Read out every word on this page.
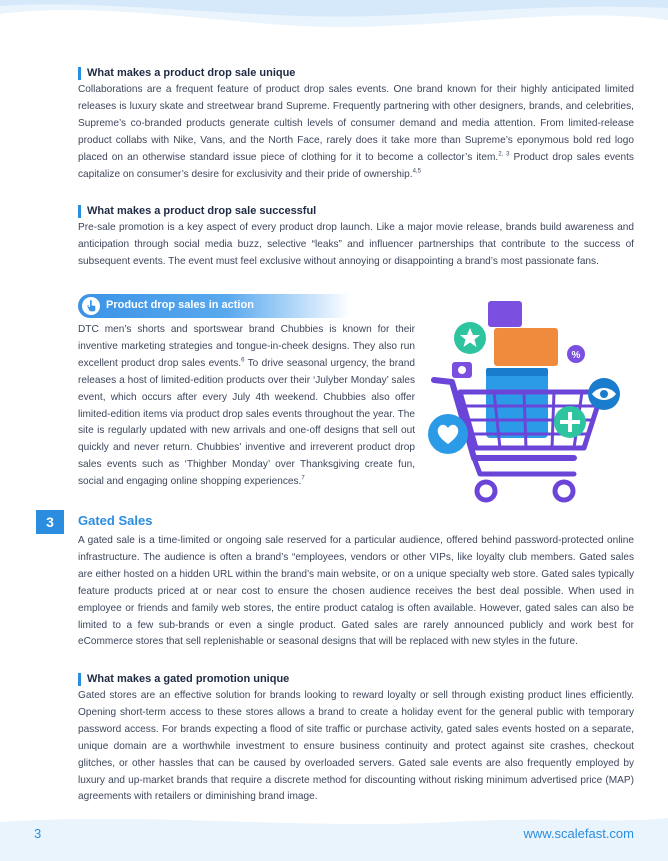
What makes a product drop sale unique

Collaborations are a frequent feature of product drop sales events. One brand known for their highly anticipated limited releases is luxury skate and streetwear brand Supreme. Frequently partnering with other designers, brands, and celebrities, Supreme’s co-branded products generate cultish levels of consumer demand and media attention. From limited-release product collabs with Nike, Vans, and the North Face, rarely does it take more than Supreme’s eponymous bold red logo placed on an otherwise standard issue piece of clothing for it to become a collector’s item.$^{2, 3}$ Product drop sales events capitalize on consumer’s desire for exclusivity and their pride of ownership.$^{4,5}$

What makes a product drop sale successful

Pre-sale promotion is a key aspect of every product drop launch. Like a major movie release, brands build awareness and anticipation through social media buzz, selective “leaks” and influencer partnerships that contribute to the success of subsequent events. The event must feel exclusive without annoying or disappointing a brand’s most passionate fans.

Product drop sales in action

DTC men’s shorts and sportswear brand Chubbies is known for their inventive marketing strategies and tongue-in-cheek designs. They also run excellent product drop sales events.$^6$ To drive seasonal urgency, the brand releases a host of limited-edition products over their ‘Julyber Monday’ sales event, which occurs after every July 4th weekend. Chubbies also offer limited-edition items via product drop sales events throughout the year. The site is regularly updated with new arrivals and one-off designs that sell out quickly and never return. Chubbies’ inventive and irreverent product drop sales events such as ‘Thighber Monday’ over Thanksgiving create fun, social and engaging online shopping experiences.$^7$

%
3	Gated Sales

A gated sale is a time-limited or ongoing sale reserved for a particular audience, offered behind password-protected online infrastructure. The audience is often a brand’s “employees, vendors or other VIPs, like loyalty club members. Gated sales are either hosted on a hidden URL within the brand’s main website, or on a unique specialty web store. Gated sales typically feature products priced at or near cost to ensure the chosen audience receives the best deal possible. When used in employee or friends and family web stores, the entire product catalog is often available. However, gated sales can also be limited to a few sub-brands or even a single product. Gated sales are rarely announced publicly and work best for eCommerce stores that sell replenishable or seasonal designs that will be replaced with new styles in the future.

What makes a gated promotion unique

Gated stores are an effective solution for brands looking to reward loyalty or sell through existing product lines efficiently. Opening short-term access to these stores allows a brand to create a holiday event for the general public with temporary password access. For brands expecting a flood of site traffic or purchase activity, gated sales events hosted on a separate, unique domain are a worthwhile investment to ensure business continuity and protect against site crashes, checkout glitches, or other hassles that can be caused by overloaded servers. Gated sale events are also frequently employed by luxury and up-market brands that require a discrete method for discounting without risking minimum advertised price (MAP) agreements with retailers or diminishing brand image.

3	www.scalefast.com
